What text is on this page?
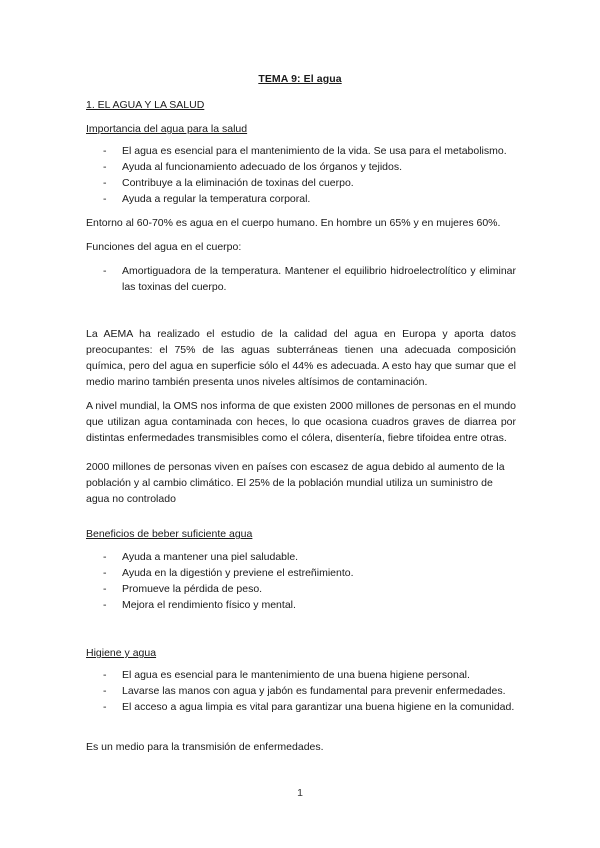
TEMA 9: El agua
1. EL AGUA Y LA SALUD
Importancia del agua para la salud
- El agua es esencial para el mantenimiento de la vida. Se usa para el metabolismo.
- Ayuda al funcionamiento adecuado de los órganos y tejidos.
- Contribuye a la eliminación de toxinas del cuerpo.
- Ayuda a regular la temperatura corporal.
Entorno al 60-70% es agua en el cuerpo humano. En hombre un 65% y en mujeres 60%.
Funciones del agua en el cuerpo:
- Amortiguadora de la temperatura. Mantener el equilibrio hidroelectrolítico y eliminar las toxinas del cuerpo.
La AEMA ha realizado el estudio de la calidad del agua en Europa y aporta datos preocupantes: el 75% de las aguas subterráneas tienen una adecuada composición química, pero del agua en superficie sólo el 44% es adecuada. A esto hay que sumar que el medio marino también presenta unos niveles altísimos de contaminación.
A nivel mundial, la OMS nos informa de que existen 2000 millones de personas en el mundo que utilizan agua contaminada con heces, lo que ocasiona cuadros graves de diarrea por distintas enfermedades transmisibles como el cólera, disentería, fiebre tifoidea entre otras.
2000 millones de personas viven en países con escasez de agua debido al aumento de la población y al cambio climático. El 25% de la población mundial utiliza un suministro de agua no controlado
Beneficios de beber suficiente agua
- Ayuda a mantener una piel saludable.
- Ayuda en la digestión y previene el estreñimiento.
- Promueve la pérdida de peso.
- Mejora el rendimiento físico y mental.
Higiene y agua
- El agua es esencial para le mantenimiento de una buena higiene personal.
- Lavarse las manos con agua y jabón es fundamental para prevenir enfermedades.
- El acceso a agua limpia es vital para garantizar una buena higiene en la comunidad.
Es un medio para la transmisión de enfermedades.
1
